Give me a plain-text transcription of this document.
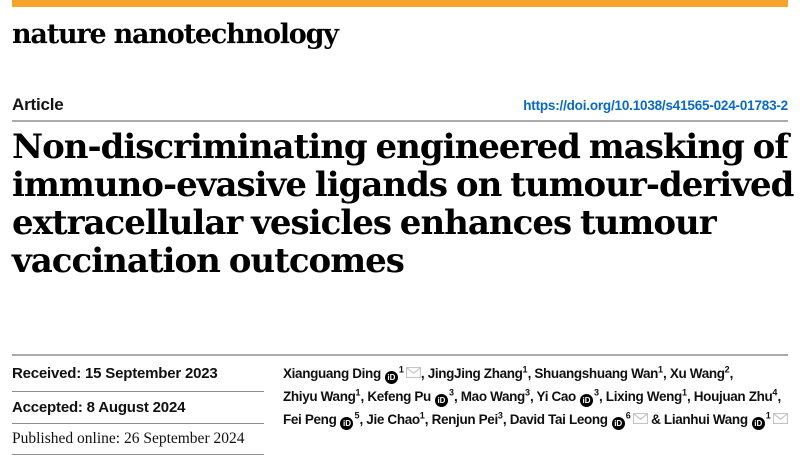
nature nanotechnology
Article	https://doi.org/10.1038/s41565-024-01783-2
Non-discriminating engineered masking of
immuno-evasive ligands on tumour-derived
extracellular vesicles enhances tumour
vaccination outcomes
Received: 15 September 2023
Accepted: 8 August 2024
Published online: 26 September 2024
Xianguang Ding iD$^1$ , JingJing Zhang$^1$, Shuangshuang Wan$^1$, Xu Wang$^2$,
Zhiyu Wang$^1$, Kefeng Pu iD$^3$, Mao Wang$^3$, Yi Cao iD$^3$, Lixing Weng$^1$, Houjuan Zhu$^4$,
Fei Peng iD$^5$, Jie Chao$^1$, Renjun Pei$^3$, David Tai Leong iD$^6$ & Lianhui Wang iD$^1$
